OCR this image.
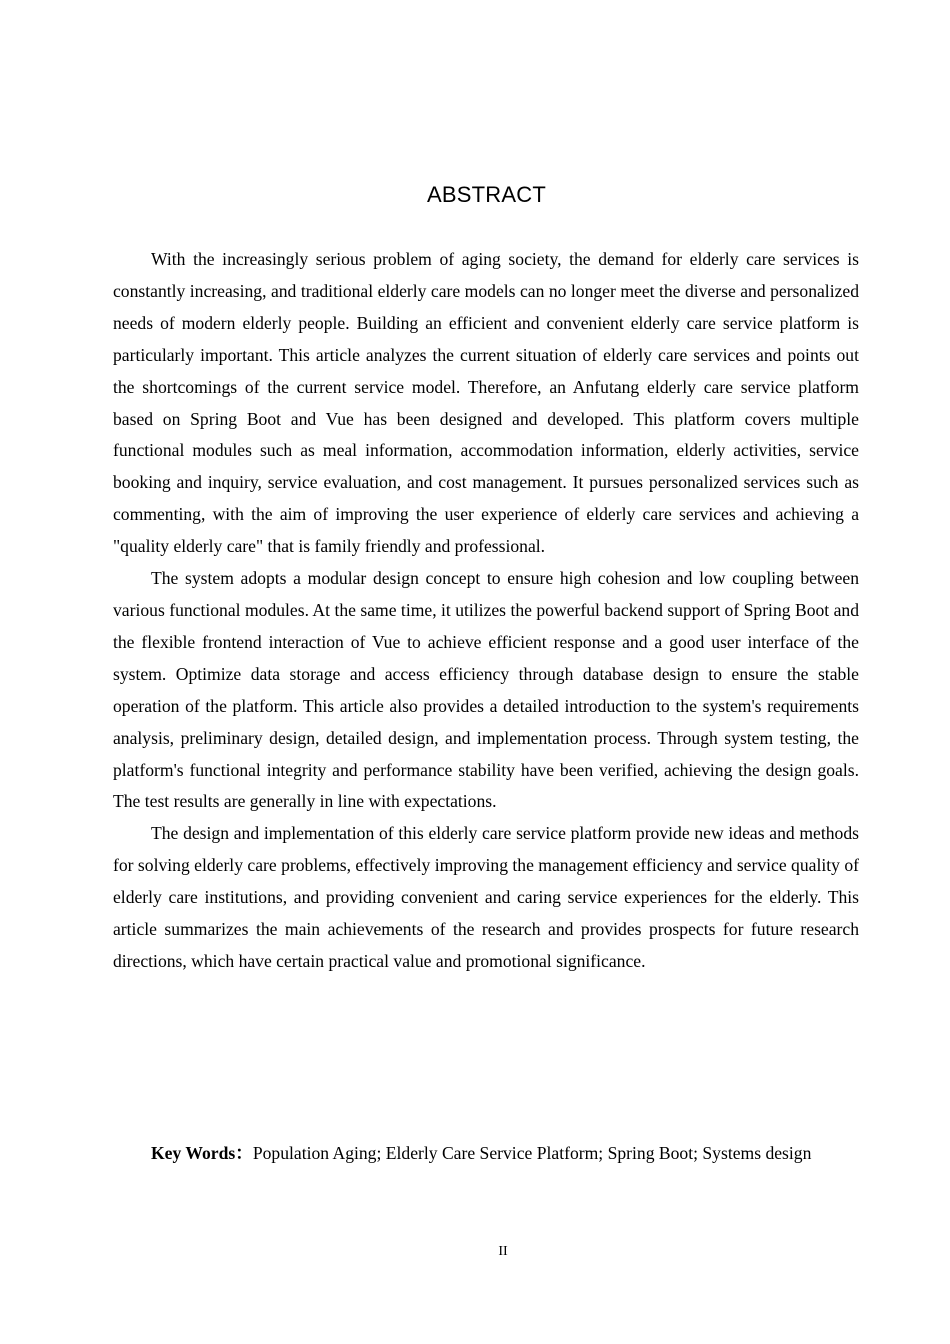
ABSTRACT

With the increasingly serious problem of aging society, the demand for elderly care services is constantly increasing, and traditional elderly care models can no longer meet the diverse and personalized needs of modern elderly people. Building an efficient and convenient elderly care service platform is particularly important. This article analyzes the current situation of elderly care services and points out the shortcomings of the current service model. Therefore, an Anfutang elderly care service platform based on Spring Boot and Vue has been designed and developed. This platform covers multiple functional modules such as meal information, accommodation information, elderly activities, service booking and inquiry, service evaluation, and cost management. It pursues personalized services such as commenting, with the aim of improving the user experience of elderly care services and achieving a "quality elderly care" that is family friendly and professional.

The system adopts a modular design concept to ensure high cohesion and low coupling between various functional modules. At the same time, it utilizes the powerful backend support of Spring Boot and the flexible frontend interaction of Vue to achieve efficient response and a good user interface of the system. Optimize data storage and access efficiency through database design to ensure the stable operation of the platform. This article also provides a detailed introduction to the system's requirements analysis, preliminary design, detailed design, and implementation process. Through system testing, the platform's functional integrity and performance stability have been verified, achieving the design goals. The test results are generally in line with expectations.

The design and implementation of this elderly care service platform provide new ideas and methods for solving elderly care problems, effectively improving the management efficiency and service quality of elderly care institutions, and providing convenient and caring service experiences for the elderly. This article summarizes the main achievements of the research and provides prospects for future research directions, which have certain practical value and promotional significance.

Key Words：Population Aging; Elderly Care Service Platform; Spring Boot; Systems design

II
